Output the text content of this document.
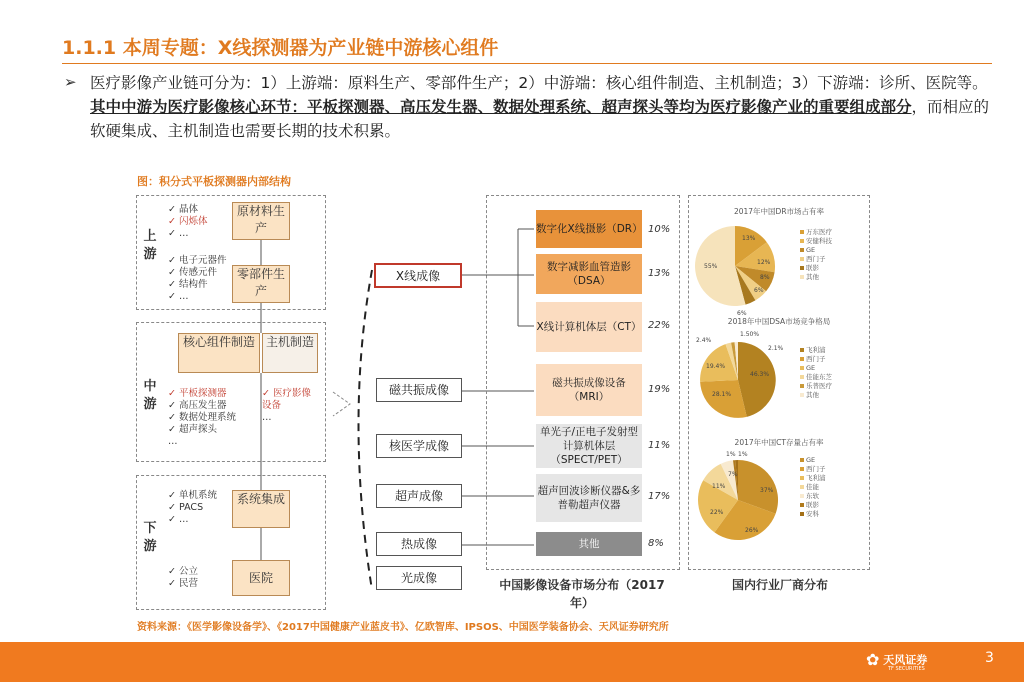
1.1.1 本周专题：X线探测器为产业链中游核心组件
➢ 医疗影像产业链可分为：1）上游端：原料生产、零部件生产；2）中游端：核心组件制造、主机制造；3）下游端：诊所、医院等。其中中游为医疗影像核心环节：平板探测器、高压发生器、数据处理系统、超声探头等均为医疗影像产业的重要组成部分，而相应的软硬集成、主机制造也需要长期的技术积累。
图：积分式平板探测器内部结构
上游
中游
下游
✓ 晶体
✓ 闪烁体
✓ …
原材料生产
✓ 电子元器件
✓ 传感元件
✓ 结构件
✓ …
零部件生产
核心组件制造 主机制造
✓ 平板探测器
✓ 高压发生器
✓ 数据处理系统
✓ 超声探头
…
✓ 医疗影像设备
…
✓ 单机系统
✓ PACS
✓ …
系统集成
✓ 公立
✓ 民营	医院
X线成像
磁共振成像
核医学成像
超声成像
热成像
光成像
数字化X线摄影（DR）
数字减影血管造影（DSA）
X线计算机体层（CT）
磁共振成像设备（MRI）
单光子/正电子发射型计算机体层（SPECT/PET）
超声回波诊断仪器&多普勒超声仪器
其他
10%
13%
22%
19%
11%
17%
8%
中国影像设备市场分布（2017年）
2017年中国DR市场占有率
2018年中国DSA市场竞争格局
2017年中国CT存量占有率
13%
12%
8%
6%
6%
55%
万东医疗
安健科技
GE
西门子
联影
其他
46.3%
28.1%
19.4%
2.4%
1.50%
2.1%	飞利浦
西门子
GE
佳能东芝
乐普医疗
其他
37%
26%
22%
11%
7%
1% 1%
GE
西门子
飞利浦
佳能
东软
联影
安科
国内行业厂商分布
资料来源：《医学影像设备学》、《2017中国健康产业蓝皮书》、亿欧智库、IPSOS、中国医学装备协会、天风证券研究所
✿ 天风证券
TF SECURITIES
3
